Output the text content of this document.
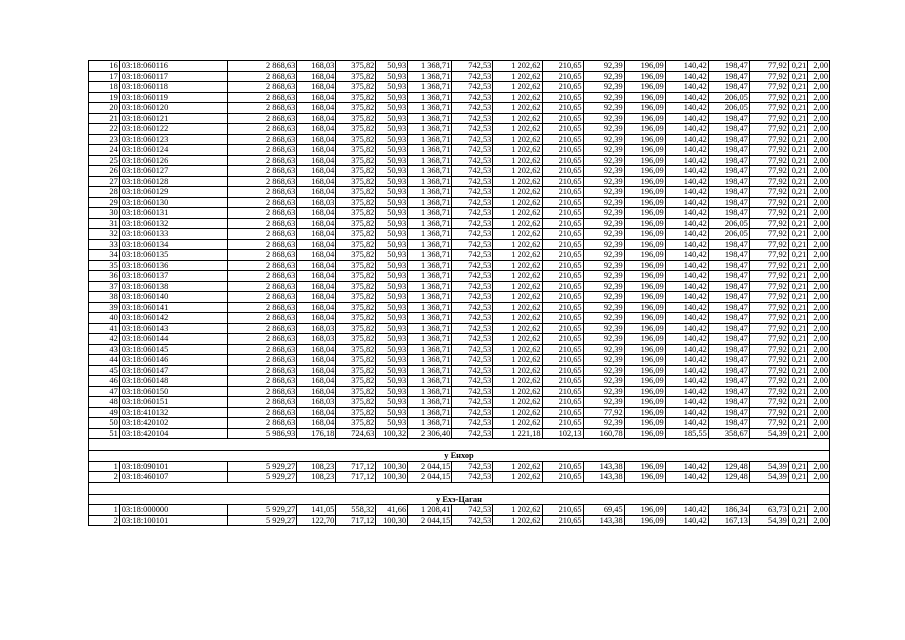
16	03:18:060116	2 868,63	168,03	375,82	50,93	1 368,71	742,53	1 202,62	210,65	92,39	196,09	140,42	198,47	77,92	0,21	2,00
17	03:18:060117	2 868,63	168,04	375,82	50,93	1 368,71	742,53	1 202,62	210,65	92,39	196,09	140,42	198,47	77,92	0,21	2,00
18	03:18:060118	2 868,63	168,04	375,82	50,93	1 368,71	742,53	1 202,62	210,65	92,39	196,09	140,42	198,47	77,92	0,21	2,00
19	03:18:060119	2 868,63	168,04	375,82	50,93	1 368,71	742,53	1 202,62	210,65	92,39	196,09	140,42	206,05	77,92	0,21	2,00
20	03:18:060120	2 868,63	168,04	375,82	50,93	1 368,71	742,53	1 202,62	210,65	92,39	196,09	140,42	206,05	77,92	0,21	2,00
21	03:18:060121	2 868,63	168,04	375,82	50,93	1 368,71	742,53	1 202,62	210,65	92,39	196,09	140,42	198,47	77,92	0,21	2,00
22	03:18:060122	2 868,63	168,04	375,82	50,93	1 368,71	742,53	1 202,62	210,65	92,39	196,09	140,42	198,47	77,92	0,21	2,00
23	03:18:060123	2 868,63	168,04	375,82	50,93	1 368,71	742,53	1 202,62	210,65	92,39	196,09	140,42	198,47	77,92	0,21	2,00
24	03:18:060124	2 868,63	168,04	375,82	50,93	1 368,71	742,53	1 202,62	210,65	92,39	196,09	140,42	198,47	77,92	0,21	2,00
25	03:18:060126	2 868,63	168,04	375,82	50,93	1 368,71	742,53	1 202,62	210,65	92,39	196,09	140,42	198,47	77,92	0,21	2,00
26	03:18:060127	2 868,63	168,04	375,82	50,93	1 368,71	742,53	1 202,62	210,65	92,39	196,09	140,42	198,47	77,92	0,21	2,00
27	03:18:060128	2 868,63	168,04	375,82	50,93	1 368,71	742,53	1 202,62	210,65	92,39	196,09	140,42	198,47	77,92	0,21	2,00
28	03:18:060129	2 868,63	168,04	375,82	50,93	1 368,71	742,53	1 202,62	210,65	92,39	196,09	140,42	198,47	77,92	0,21	2,00
29	03:18:060130	2 868,63	168,03	375,82	50,93	1 368,71	742,53	1 202,62	210,65	92,39	196,09	140,42	198,47	77,92	0,21	2,00
30	03:18:060131	2 868,63	168,04	375,82	50,93	1 368,71	742,53	1 202,62	210,65	92,39	196,09	140,42	198,47	77,92	0,21	2,00
31	03:18:060132	2 868,63	168,04	375,82	50,93	1 368,71	742,53	1 202,62	210,65	92,39	196,09	140,42	206,05	77,92	0,21	2,00
32	03:18:060133	2 868,63	168,04	375,82	50,93	1 368,71	742,53	1 202,62	210,65	92,39	196,09	140,42	206,05	77,92	0,21	2,00
33	03:18:060134	2 868,63	168,04	375,82	50,93	1 368,71	742,53	1 202,62	210,65	92,39	196,09	140,42	198,47	77,92	0,21	2,00
34	03:18:060135	2 868,63	168,04	375,82	50,93	1 368,71	742,53	1 202,62	210,65	92,39	196,09	140,42	198,47	77,92	0,21	2,00
35	03:18:060136	2 868,63	168,04	375,82	50,93	1 368,71	742,53	1 202,62	210,65	92,39	196,09	140,42	198,47	77,92	0,21	2,00
36	03:18:060137	2 868,63	168,04	375,82	50,93	1 368,71	742,53	1 202,62	210,65	92,39	196,09	140,42	198,47	77,92	0,21	2,00
37	03:18:060138	2 868,63	168,04	375,82	50,93	1 368,71	742,53	1 202,62	210,65	92,39	196,09	140,42	198,47	77,92	0,21	2,00
38	03:18:060140	2 868,63	168,04	375,82	50,93	1 368,71	742,53	1 202,62	210,65	92,39	196,09	140,42	198,47	77,92	0,21	2,00
39	03:18:060141	2 868,63	168,04	375,82	50,93	1 368,71	742,53	1 202,62	210,65	92,39	196,09	140,42	198,47	77,92	0,21	2,00
40	03:18:060142	2 868,63	168,04	375,82	50,93	1 368,71	742,53	1 202,62	210,65	92,39	196,09	140,42	198,47	77,92	0,21	2,00
41	03:18:060143	2 868,63	168,03	375,82	50,93	1 368,71	742,53	1 202,62	210,65	92,39	196,09	140,42	198,47	77,92	0,21	2,00
42	03:18:060144	2 868,63	168,03	375,82	50,93	1 368,71	742,53	1 202,62	210,65	92,39	196,09	140,42	198,47	77,92	0,21	2,00
43	03:18:060145	2 868,63	168,04	375,82	50,93	1 368,71	742,53	1 202,62	210,65	92,39	196,09	140,42	198,47	77,92	0,21	2,00
44	03:18:060146	2 868,63	168,04	375,82	50,93	1 368,71	742,53	1 202,62	210,65	92,39	196,09	140,42	198,47	77,92	0,21	2,00
45	03:18:060147	2 868,63	168,04	375,82	50,93	1 368,71	742,53	1 202,62	210,65	92,39	196,09	140,42	198,47	77,92	0,21	2,00
46	03:18:060148	2 868,63	168,04	375,82	50,93	1 368,71	742,53	1 202,62	210,65	92,39	196,09	140,42	198,47	77,92	0,21	2,00
47	03:18:060150	2 868,63	168,04	375,82	50,93	1 368,71	742,53	1 202,62	210,65	92,39	196,09	140,42	198,47	77,92	0,21	2,00
48	03:18:060151	2 868,63	168,03	375,82	50,93	1 368,71	742,53	1 202,62	210,65	92,39	196,09	140,42	198,47	77,92	0,21	2,00
49	03:18:410132	2 868,63	168,04	375,82	50,93	1 368,71	742,53	1 202,62	210,65	77,92	196,09	140,42	198,47	77,92	0,21	2,00
50	03:18:420102	2 868,63	168,04	375,82	50,93	1 368,71	742,53	1 202,62	210,65	92,39	196,09	140,42	198,47	77,92	0,21	2,00
51	03:18:420104	5 986,93	176,18	724,63	100,32	2 306,40	742,53	1 221,18	102,13	160,78	196,09	185,55	358,67	54,39	0,21	2,00

у Енхор																
1	03:18:090101	5 929,27	108,23	717,12	100,30	2 044,15	742,53	1 202,62	210,65	143,38	196,09	140,42	129,48	54,39	0,21	2,00
2	03:18:460107	5 929,27	108,23	717,12	100,30	2 044,15	742,53	1 202,62	210,65	143,38	196,09	140,42	129,48	54,39	0,21	2,00

у Ехэ-Цаган																
1	03:18:000000	5 929,27	141,05	558,32	41,66	1 208,41	742,53	1 202,62	210,65	69,45	196,09	140,42	186,34	63,73	0,21	2,00
2	03:18:100101	5 929,27	122,70	717,12	100,30	2 044,15	742,53	1 202,62	210,65	143,38	196,09	140,42	167,13	54,39	0,21	2,00
